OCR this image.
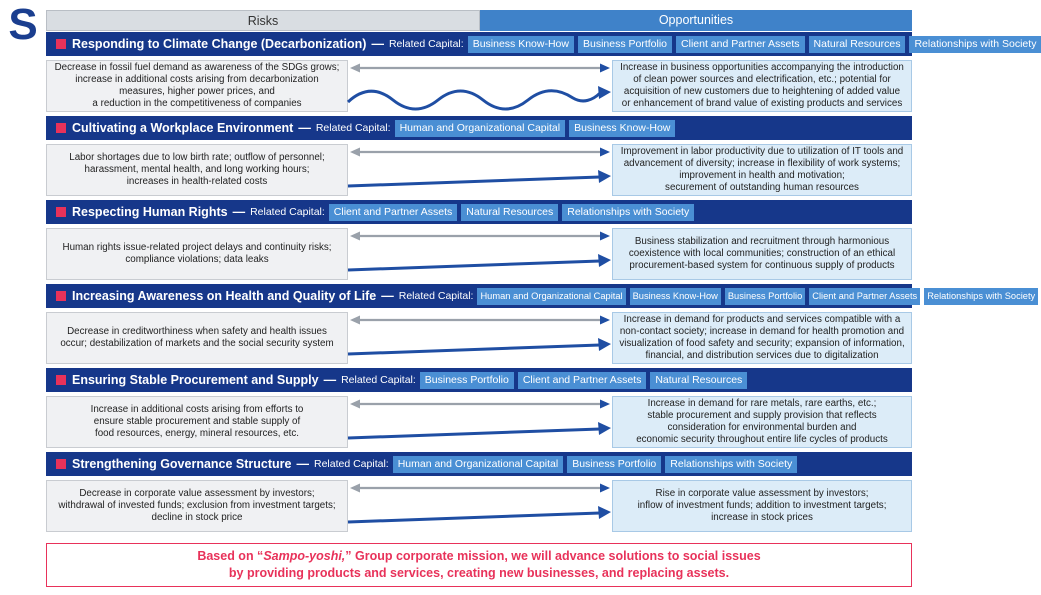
S	Risks	Opportunities
Responding to Climate Change (Decarbonization) — Related Capital: Business Know-How	Business Portfolio	Client and Partner Assets	Natural Resources	Relationships with Society
Decrease in fossil fuel demand as awareness of the SDGs grows;
increase in additional costs arising from decarbonization
measures, higher power prices, and
a reduction in the competitiveness of companies
Increase in business opportunities accompanying the introduction
of clean power sources and electrification, etc.; potential for
acquisition of new customers due to heightening of added value
or enhancement of brand value of existing products and services
Cultivating a Workplace Environment — Related Capital: Human and Organizational Capital	Business Know-How
Labor shortages due to low birth rate; outflow of personnel;
harassment, mental health, and long working hours;
increases in health-related costs
Improvement in labor productivity due to utilization of IT tools and
advancement of diversity; increase in flexibility of work systems;
improvement in health and motivation;
securement of outstanding human resources
Respecting Human Rights — Related Capital: Client and Partner Assets	Natural Resources	Relationships with Society
Human rights issue-related project delays and continuity risks;
compliance violations; data leaks
Business stabilization and recruitment through harmonious
coexistence with local communities; construction of an ethical
procurement-based system for continuous supply of products
Increasing Awareness on Health and Quality of Life — Related Capital: Human and Organizational Capital	Business Know-How	Business Portfolio	Client and Partner Assets	Relationships with Society
Decrease in creditworthiness when safety and health issues
occur; destabilization of markets and the social security system
Increase in demand for products and services compatible with a
non-contact society; increase in demand for health promotion and
visualization of food safety and security; expansion of information,
financial, and distribution services due to digitalization
Ensuring Stable Procurement and Supply — Related Capital: Business Portfolio	Client and Partner Assets	Natural Resources
Increase in additional costs arising from efforts to
ensure stable procurement and stable supply of
food resources, energy, mineral resources, etc.
Increase in demand for rare metals, rare earths, etc.;
stable procurement and supply provision that reflects
consideration for environmental burden and
economic security throughout entire life cycles of products
Strengthening Governance Structure — Related Capital: Human and Organizational Capital	Business Portfolio	Relationships with Society
Decrease in corporate value assessment by investors;
withdrawal of invested funds; exclusion from investment targets;
decline in stock price
Rise in corporate value assessment by investors;
inflow of investment funds; addition to investment targets;
increase in stock prices
Based on “Sampo-yoshi,” Group corporate mission, we will advance solutions to social issues
by providing products and services, creating new businesses, and replacing assets.
